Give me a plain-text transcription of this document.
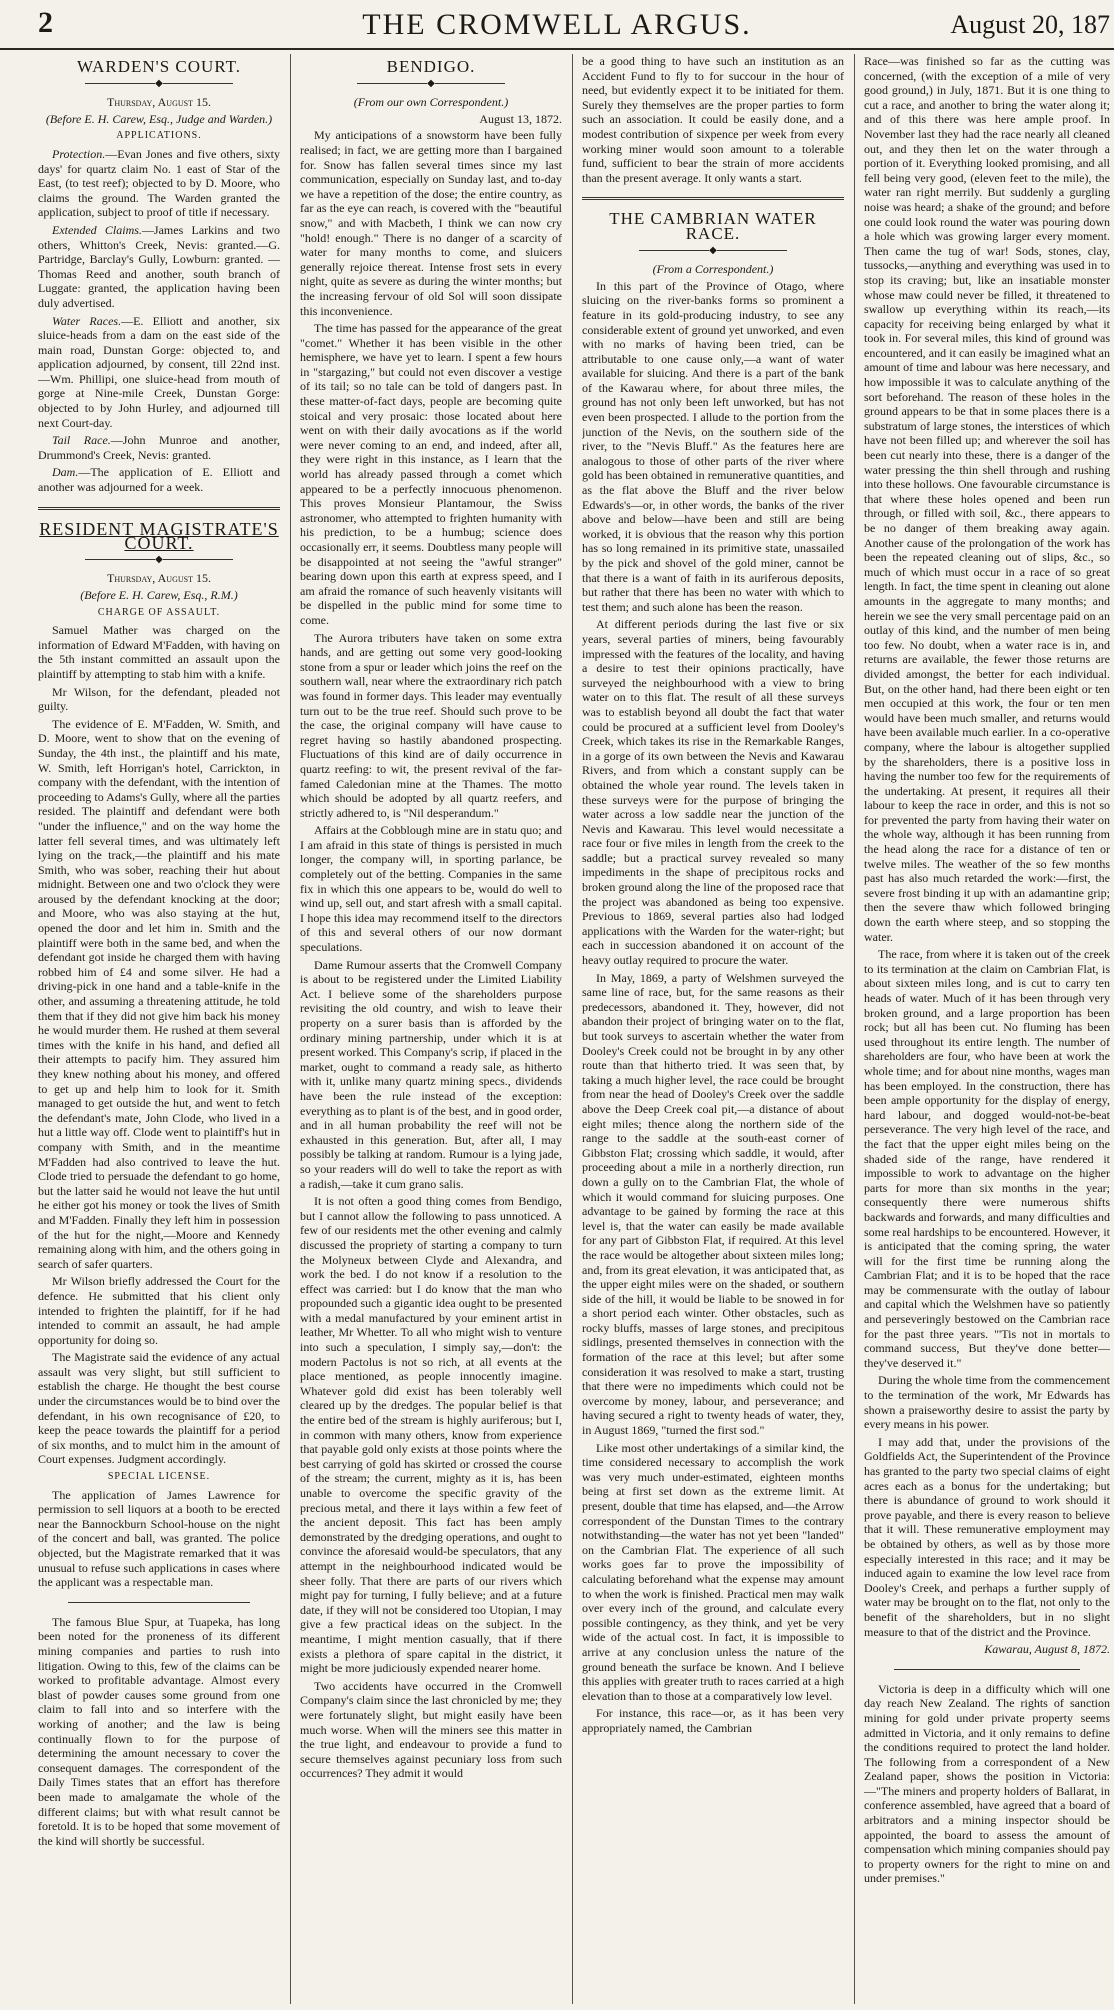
2	THE CROMWELL ARGUS.	August 20, 187
WARDEN'S COURT.
◆
Thursday, August 15.
(Before E. H. Carew, Esq., Judge and Warden.)
APPLICATIONS.

Protection.—Evan Jones and five others, sixty days' for quartz claim No. 1 east of Star of the East, (to test reef); objected to by D. Moore, who claims the ground. The Warden granted the application, subject to proof of title if necessary.

Extended Claims.—James Larkins and two others, Whitton's Creek, Nevis: granted.—G. Partridge, Barclay's Gully, Lowburn: granted. —Thomas Reed and another, south branch of Luggate: granted, the application having been duly advertised.

Water Races.—E. Elliott and another, six sluice-heads from a dam on the east side of the main road, Dunstan Gorge: objected to, and application adjourned, by consent, till 22nd inst.—Wm. Phillipi, one sluice-head from mouth of gorge at Nine-mile Creek, Dunstan Gorge: objected to by John Hurley, and adjourned till next Court-day.

Tail Race.—John Munroe and another, Drummond's Creek, Nevis: granted.

Dam.—The application of E. Elliott and another was adjourned for a week.

RESIDENT MAGISTRATE'S COURT.
◆
Thursday, August 15.
(Before E. H. Carew, Esq., R.M.)
CHARGE OF ASSAULT.

Samuel Mather was charged on the information of Edward M'Fadden, with having on the 5th instant committed an assault upon the plaintiff by attempting to stab him with a knife.

Mr Wilson, for the defendant, pleaded not guilty.

The evidence of E. M'Fadden, W. Smith, and D. Moore, went to show that on the evening of Sunday, the 4th inst., the plaintiff and his mate, W. Smith, left Horrigan's hotel, Carrickton, in company with the defendant, with the intention of proceeding to Adams's Gully, where all the parties resided. The plaintiff and defendant were both "under the influence," and on the way home the latter fell several times, and was ultimately left lying on the track,—the plaintiff and his mate Smith, who was sober, reaching their hut about midnight. Between one and two o'clock they were aroused by the defendant knocking at the door; and Moore, who was also staying at the hut, opened the door and let him in. Smith and the plaintiff were both in the same bed, and when the defendant got inside he charged them with having robbed him of £4 and some silver. He had a driving-pick in one hand and a table-knife in the other, and assuming a threatening attitude, he told them that if they did not give him back his money he would murder them. He rushed at them several times with the knife in his hand, and defied all their attempts to pacify him. They assured him they knew nothing about his money, and offered to get up and help him to look for it. Smith managed to get outside the hut, and went to fetch the defendant's mate, John Clode, who lived in a hut a little way off. Clode went to plaintiff's hut in company with Smith, and in the meantime M'Fadden had also contrived to leave the hut. Clode tried to persuade the defendant to go home, but the latter said he would not leave the hut until he either got his money or took the lives of Smith and M'Fadden. Finally they left him in possession of the hut for the night,—Moore and Kennedy remaining along with him, and the others going in search of safer quarters.

Mr Wilson briefly addressed the Court for the defence. He submitted that his client only intended to frighten the plaintiff, for if he had intended to commit an assault, he had ample opportunity for doing so.

The Magistrate said the evidence of any actual assault was very slight, but still sufficient to establish the charge. He thought the best course under the circumstances would be to bind over the defendant, in his own recognisance of £20, to keep the peace towards the plaintiff for a period of six months, and to mulct him in the amount of Court expenses. Judgment accordingly.

SPECIAL LICENSE.

The application of James Lawrence for permission to sell liquors at a booth to be erected near the Bannockburn School-house on the night of the concert and ball, was granted. The police objected, but the Magistrate remarked that it was unusual to refuse such applications in cases where the applicant was a respectable man.

The famous Blue Spur, at Tuapeka, has long been noted for the proneness of its different mining companies and parties to rush into litigation. Owing to this, few of the claims can be worked to profitable advantage. Almost every blast of powder causes some ground from one claim to fall into and so interfere with the working of another; and the law is being continually flown to for the purpose of determining the amount necessary to cover the consequent damages. The correspondent of the Daily Times states that an effort has therefore been made to amalgamate the whole of the different claims; but with what result cannot be foretold. It is to be hoped that some movement of the kind will shortly be successful.

BENDIGO.
◆
(From our own Correspondent.)
August 13, 1872.

My anticipations of a snowstorm have been fully realised; in fact, we are getting more than I bargained for. Snow has fallen several times since my last communication, especially on Sunday last, and to-day we have a repetition of the dose; the entire country, as far as the eye can reach, is covered with the "beautiful snow," and with Macbeth, I think we can now cry "hold! enough." There is no danger of a scarcity of water for many months to come, and sluicers generally rejoice thereat. Intense frost sets in every night, quite as severe as during the winter months; but the increasing fervour of old Sol will soon dissipate this inconvenience.

The time has passed for the appearance of the great "comet." Whether it has been visible in the other hemisphere, we have yet to learn. I spent a few hours in "stargazing," but could not even discover a vestige of its tail; so no tale can be told of dangers past. In these matter-of-fact days, people are becoming quite stoical and very prosaic: those located about here went on with their daily avocations as if the world were never coming to an end, and indeed, after all, they were right in this instance, as I learn that the world has already passed through a comet which appeared to be a perfectly innocuous phenomenon. This proves Monsieur Plantamour, the Swiss astronomer, who attempted to frighten humanity with his prediction, to be a humbug; science does occasionally err, it seems. Doubtless many people will be disappointed at not seeing the "awful stranger" bearing down upon this earth at express speed, and I am afraid the romance of such heavenly visitants will be dispelled in the public mind for some time to come.

The Aurora tributers have taken on some extra hands, and are getting out some very good-looking stone from a spur or leader which joins the reef on the southern wall, near where the extraordinary rich patch was found in former days. This leader may eventually turn out to be the true reef. Should such prove to be the case, the original company will have cause to regret having so hastily abandoned prospecting. Fluctuations of this kind are of daily occurrence in quartz reefing: to wit, the present revival of the far-famed Caledonian mine at the Thames. The motto which should be adopted by all quartz reefers, and strictly adhered to, is "Nil desperandum."

Affairs at the Cobblough mine are in statu quo; and I am afraid in this state of things is persisted in much longer, the company will, in sporting parlance, be completely out of the betting. Companies in the same fix in which this one appears to be, would do well to wind up, sell out, and start afresh with a small capital. I hope this idea may recommend itself to the directors of this and several others of our now dormant speculations.

Dame Rumour asserts that the Cromwell Company is about to be registered under the Limited Liability Act. I believe some of the shareholders purpose revisiting the old country, and wish to leave their property on a surer basis than is afforded by the ordinary mining partnership, under which it is at present worked. This Company's scrip, if placed in the market, ought to command a ready sale, as hitherto with it, unlike many quartz mining specs., dividends have been the rule instead of the exception: everything as to plant is of the best, and in good order, and in all human probability the reef will not be exhausted in this generation. But, after all, I may possibly be talking at random. Rumour is a lying jade, so your readers will do well to take the report as with a radish,—take it cum grano salis.

It is not often a good thing comes from Bendigo, but I cannot allow the following to pass unnoticed. A few of our residents met the other evening and calmly discussed the propriety of starting a company to turn the Molyneux between Clyde and Alexandra, and work the bed. I do not know if a resolution to the effect was carried: but I do know that the man who propounded such a gigantic idea ought to be presented with a medal manufactured by your eminent artist in leather, Mr Whetter. To all who might wish to venture into such a speculation, I simply say,—don't: the modern Pactolus is not so rich, at all events at the place mentioned, as people innocently imagine. Whatever gold did exist has been tolerably well cleared up by the dredges. The popular belief is that the entire bed of the stream is highly auriferous; but I, in common with many others, know from experience that payable gold only exists at those points where the best carrying of gold has skirted or crossed the course of the stream; the current, mighty as it is, has been unable to overcome the specific gravity of the precious metal, and there it lays within a few feet of the ancient deposit. This fact has been amply demonstrated by the dredging operations, and ought to convince the aforesaid would-be speculators, that any attempt in the neighbourhood indicated would be sheer folly. That there are parts of our rivers which might pay for turning, I fully believe; and at a future date, if they will not be considered too Utopian, I may give a few practical ideas on the subject. In the meantime, I might mention casually, that if there exists a plethora of spare capital in the district, it might be more judiciously expended nearer home.

Two accidents have occurred in the Cromwell Company's claim since the last chronicled by me; they were fortunately slight, but might easily have been much worse. When will the miners see this matter in the true light, and endeavour to provide a fund to secure themselves against pecuniary loss from such occurrences? They admit it would

be a good thing to have such an institution as an Accident Fund to fly to for succour in the hour of need, but evidently expect it to be initiated for them. Surely they themselves are the proper parties to form such an association. It could be easily done, and a modest contribution of sixpence per week from every working miner would soon amount to a tolerable fund, sufficient to bear the strain of more accidents than the present average. It only wants a start.

THE CAMBRIAN WATER RACE.
◆
(From a Correspondent.)

In this part of the Province of Otago, where sluicing on the river-banks forms so prominent a feature in its gold-producing industry, to see any considerable extent of ground yet unworked, and even with no marks of having been tried, can be attributable to one cause only,—a want of water available for sluicing. And there is a part of the bank of the Kawarau where, for about three miles, the ground has not only been left unworked, but has not even been prospected. I allude to the portion from the junction of the Nevis, on the southern side of the river, to the "Nevis Bluff." As the features here are analogous to those of other parts of the river where gold has been obtained in remunerative quantities, and as the flat above the Bluff and the river below Edwards's—or, in other words, the banks of the river above and below—have been and still are being worked, it is obvious that the reason why this portion has so long remained in its primitive state, unassailed by the pick and shovel of the gold miner, cannot be that there is a want of faith in its auriferous deposits, but rather that there has been no water with which to test them; and such alone has been the reason.

At different periods during the last five or six years, several parties of miners, being favourably impressed with the features of the locality, and having a desire to test their opinions practically, have surveyed the neighbourhood with a view to bring water on to this flat. The result of all these surveys was to establish beyond all doubt the fact that water could be procured at a sufficient level from Dooley's Creek, which takes its rise in the Remarkable Ranges, in a gorge of its own between the Nevis and Kawarau Rivers, and from which a constant supply can be obtained the whole year round. The levels taken in these surveys were for the purpose of bringing the water across a low saddle near the junction of the Nevis and Kawarau. This level would necessitate a race four or five miles in length from the creek to the saddle; but a practical survey revealed so many impediments in the shape of precipitous rocks and broken ground along the line of the proposed race that the project was abandoned as being too expensive. Previous to 1869, several parties also had lodged applications with the Warden for the water-right; but each in succession abandoned it on account of the heavy outlay required to procure the water.

In May, 1869, a party of Welshmen surveyed the same line of race, but, for the same reasons as their predecessors, abandoned it. They, however, did not abandon their project of bringing water on to the flat, but took surveys to ascertain whether the water from Dooley's Creek could not be brought in by any other route than that hitherto tried. It was seen that, by taking a much higher level, the race could be brought from near the head of Dooley's Creek over the saddle above the Deep Creek coal pit,—a distance of about eight miles; thence along the northern side of the range to the saddle at the south-east corner of Gibbston Flat; crossing which saddle, it would, after proceeding about a mile in a northerly direction, run down a gully on to the Cambrian Flat, the whole of which it would command for sluicing purposes. One advantage to be gained by forming the race at this level is, that the water can easily be made available for any part of Gibbston Flat, if required. At this level the race would be altogether about sixteen miles long; and, from its great elevation, it was anticipated that, as the upper eight miles were on the shaded, or southern side of the hill, it would be liable to be snowed in for a short period each winter. Other obstacles, such as rocky bluffs, masses of large stones, and precipitous sidlings, presented themselves in connection with the formation of the race at this level; but after some consideration it was resolved to make a start, trusting that there were no impediments which could not be overcome by money, labour, and perseverance; and having secured a right to twenty heads of water, they, in August 1869, "turned the first sod."

Like most other undertakings of a similar kind, the time considered necessary to accomplish the work was very much under-estimated, eighteen months being at first set down as the extreme limit. At present, double that time has elapsed, and—the Arrow correspondent of the Dunstan Times to the contrary notwithstanding—the water has not yet been "landed" on the Cambrian Flat. The experience of all such works goes far to prove the impossibility of calculating beforehand what the expense may amount to when the work is finished. Practical men may walk over every inch of the ground, and calculate every possible contingency, as they think, and yet be very wide of the actual cost. In fact, it is impossible to arrive at any conclusion unless the nature of the ground beneath the surface be known. And I believe this applies with greater truth to races carried at a high elevation than to those at a comparatively low level.

For instance, this race—or, as it has been very appropriately named, the Cambrian

Race—was finished so far as the cutting was concerned, (with the exception of a mile of very good ground,) in July, 1871. But it is one thing to cut a race, and another to bring the water along it; and of this there was here ample proof. In November last they had the race nearly all cleaned out, and they then let on the water through a portion of it. Everything looked promising, and all fell being very good, (eleven feet to the mile), the water ran right merrily. But suddenly a gurgling noise was heard; a shake of the ground; and before one could look round the water was pouring down a hole which was growing larger every moment. Then came the tug of war! Sods, stones, clay, tussocks,—anything and everything was used in to stop its craving; but, like an insatiable monster whose maw could never be filled, it threatened to swallow up everything within its reach,—its capacity for receiving being enlarged by what it took in. For several miles, this kind of ground was encountered, and it can easily be imagined what an amount of time and labour was here necessary, and how impossible it was to calculate anything of the sort beforehand. The reason of these holes in the ground appears to be that in some places there is a substratum of large stones, the interstices of which have not been filled up; and wherever the soil has been cut nearly into these, there is a danger of the water pressing the thin shell through and rushing into these hollows. One favourable circumstance is that where these holes opened and been run through, or filled with soil, &c., there appears to be no danger of them breaking away again. Another cause of the prolongation of the work has been the repeated cleaning out of slips, &c., so much of which must occur in a race of so great length. In fact, the time spent in cleaning out alone amounts in the aggregate to many months; and herein we see the very small percentage paid on an outlay of this kind, and the number of men being too few. No doubt, when a water race is in, and returns are available, the fewer those returns are divided amongst, the better for each individual. But, on the other hand, had there been eight or ten men occupied at this work, the four or ten men would have been much smaller, and returns would have been available much earlier. In a co-operative company, where the labour is altogether supplied by the shareholders, there is a positive loss in having the number too few for the requirements of the undertaking. At present, it requires all their labour to keep the race in order, and this is not so for prevented the party from having their water on the whole way, although it has been running from the head along the race for a distance of ten or twelve miles. The weather of the so few months past has also much retarded the work:—first, the severe frost binding it up with an adamantine grip; then the severe thaw which followed bringing down the earth where steep, and so stopping the water.

The race, from where it is taken out of the creek to its termination at the claim on Cambrian Flat, is about sixteen miles long, and is cut to carry ten heads of water. Much of it has been through very broken ground, and a large proportion has been rock; but all has been cut. No fluming has been used throughout its entire length. The number of shareholders are four, who have been at work the whole time; and for about nine months, wages man has been employed. In the construction, there has been ample opportunity for the display of energy, hard labour, and dogged would-not-be-beat perseverance. The very high level of the race, and the fact that the upper eight miles being on the shaded side of the range, have rendered it impossible to work to advantage on the higher parts for more than six months in the year; consequently there were numerous shifts backwards and forwards, and many difficulties and some real hardships to be encountered. However, it is anticipated that the coming spring, the water will for the first time be running along the Cambrian Flat; and it is to be hoped that the race may be commensurate with the outlay of labour and capital which the Welshmen have so patiently and perseveringly bestowed on the Cambrian race for the past three years. "'Tis not in mortals to command success, But they've done better—they've deserved it."

During the whole time from the commencement to the termination of the work, Mr Edwards has shown a praiseworthy desire to assist the party by every means in his power.

I may add that, under the provisions of the Goldfields Act, the Superintendent of the Province has granted to the party two special claims of eight acres each as a bonus for the undertaking; but there is abundance of ground to work should it prove payable, and there is every reason to believe that it will. These remunerative employment may be obtained by others, as well as by those more especially interested in this race; and it may be induced again to examine the low level race from Dooley's Creek, and perhaps a further supply of water may be brought on to the flat, not only to the benefit of the shareholders, but in no slight measure to that of the district and the Province.

Kawarau, August 8, 1872.

Victoria is deep in a difficulty which will one day reach New Zealand. The rights of sanction mining for gold under private property seems admitted in Victoria, and it only remains to define the conditions required to protect the land holder. The following from a correspondent of a New Zealand paper, shows the position in Victoria:—"The miners and property holders of Ballarat, in conference assembled, have agreed that a board of arbitrators and a mining inspector should be appointed, the board to assess the amount of compensation which mining companies should pay to property owners for the right to mine on and under premises."
